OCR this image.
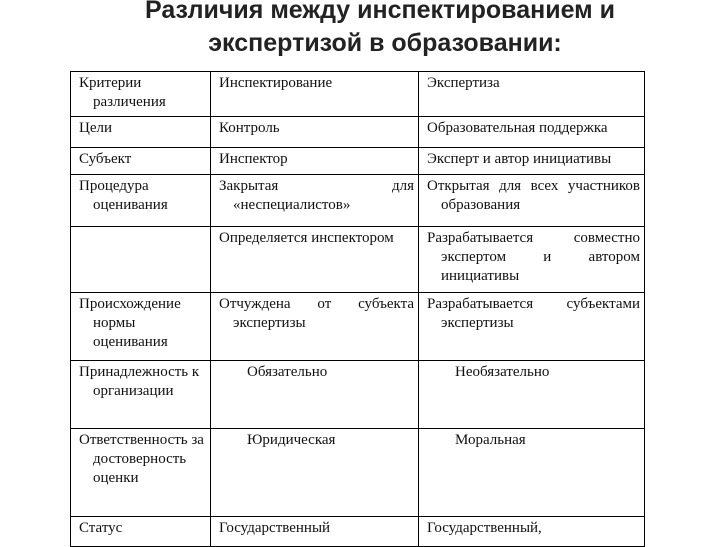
Различия между инспектированием и
экспертизой в образовании:
Критерии различения	Инспектирование	Экспертиза
Цели	Контроль	Образовательная поддержка
Субъект	Инспектор	Эксперт и автор инициативы
Процедура оценивания	Закрытая для «неспециалистов»	Открытая для всех участников образования
	Определяется инспектором	Разрабатывается совместно экспертом и автором инициативы
Происхождение нормы оценивания	Отчуждена от субъекта экспертизы	Разрабатывается субъектами экспертизы
Принадлежность к организации	Обязательно	Необязательно
Ответственность за достоверность оценки	Юридическая	Моральная
Статус	Государственный	Государственный,
